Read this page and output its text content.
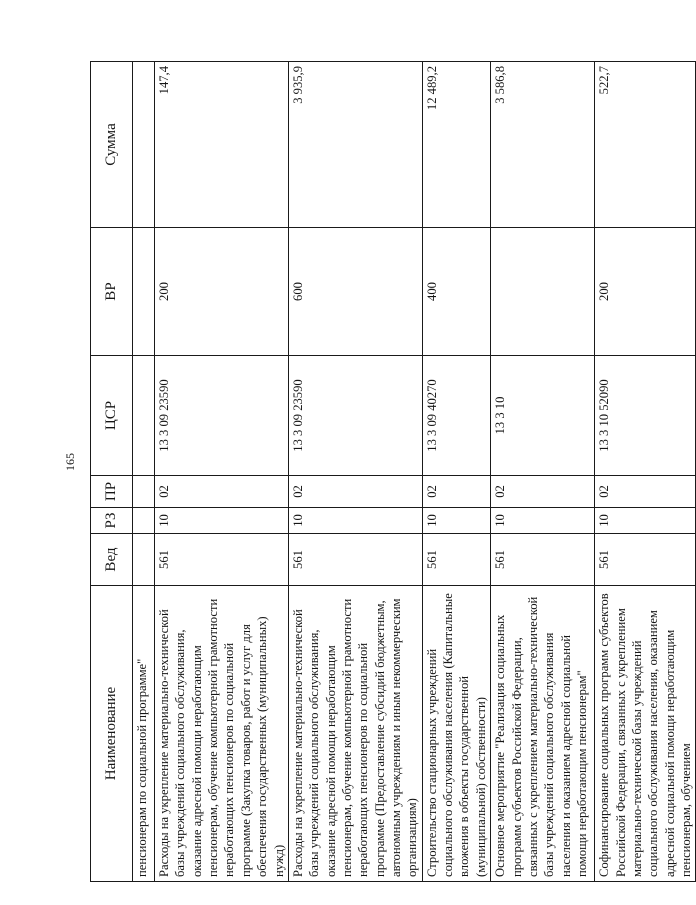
165
Наименование	Вед	РЗ	ПР	ЦСР	ВР	Сумма
пенсионерам по социальной программе"						
Расходы на укрепление материально-технической базы учреждений социального обслуживания, оказание адресной помощи неработающим пенсионерам, обучение компьютерной грамотности неработающих пенсионеров по социальной программе (Закупка товаров, работ и услуг для обеспечения государственных (муниципальных) нужд)	561	10	02	13 3 09 23590	200	147,4
Расходы на укрепление материально-технической базы учреждений социального обслуживания, оказание адресной помощи неработающим пенсионерам, обучение компьютерной грамотности неработающих пенсионеров по социальной программе (Предоставление субсидий бюджетным, автономным учреждениям и иным некоммерческим организациям)	561	10	02	13 3 09 23590	600	3 935,9
Строительство стационарных учреждений социального обслуживания населения (Капитальные вложения в объекты государственной (муниципальной) собственности)	561	10	02	13 3 09 40270	400	12 489,2
Основное мероприятие "Реализация социальных программ субъектов Российской Федерации, связанных с укреплением материально-технической базы учреждений социального обслуживания населения и оказанием адресной социальной помощи неработающим пенсионерам"	561	10	02	13 3 10		3 586,8
Софинансирование социальных программ субъектов Российской Федерации, связанных с укреплением материально-технической базы учреждений социального обслуживания населения, оказанием адресной социальной помощи неработающим пенсионерам, обучением	561	10	02	13 3 10 52090	200	522,7
